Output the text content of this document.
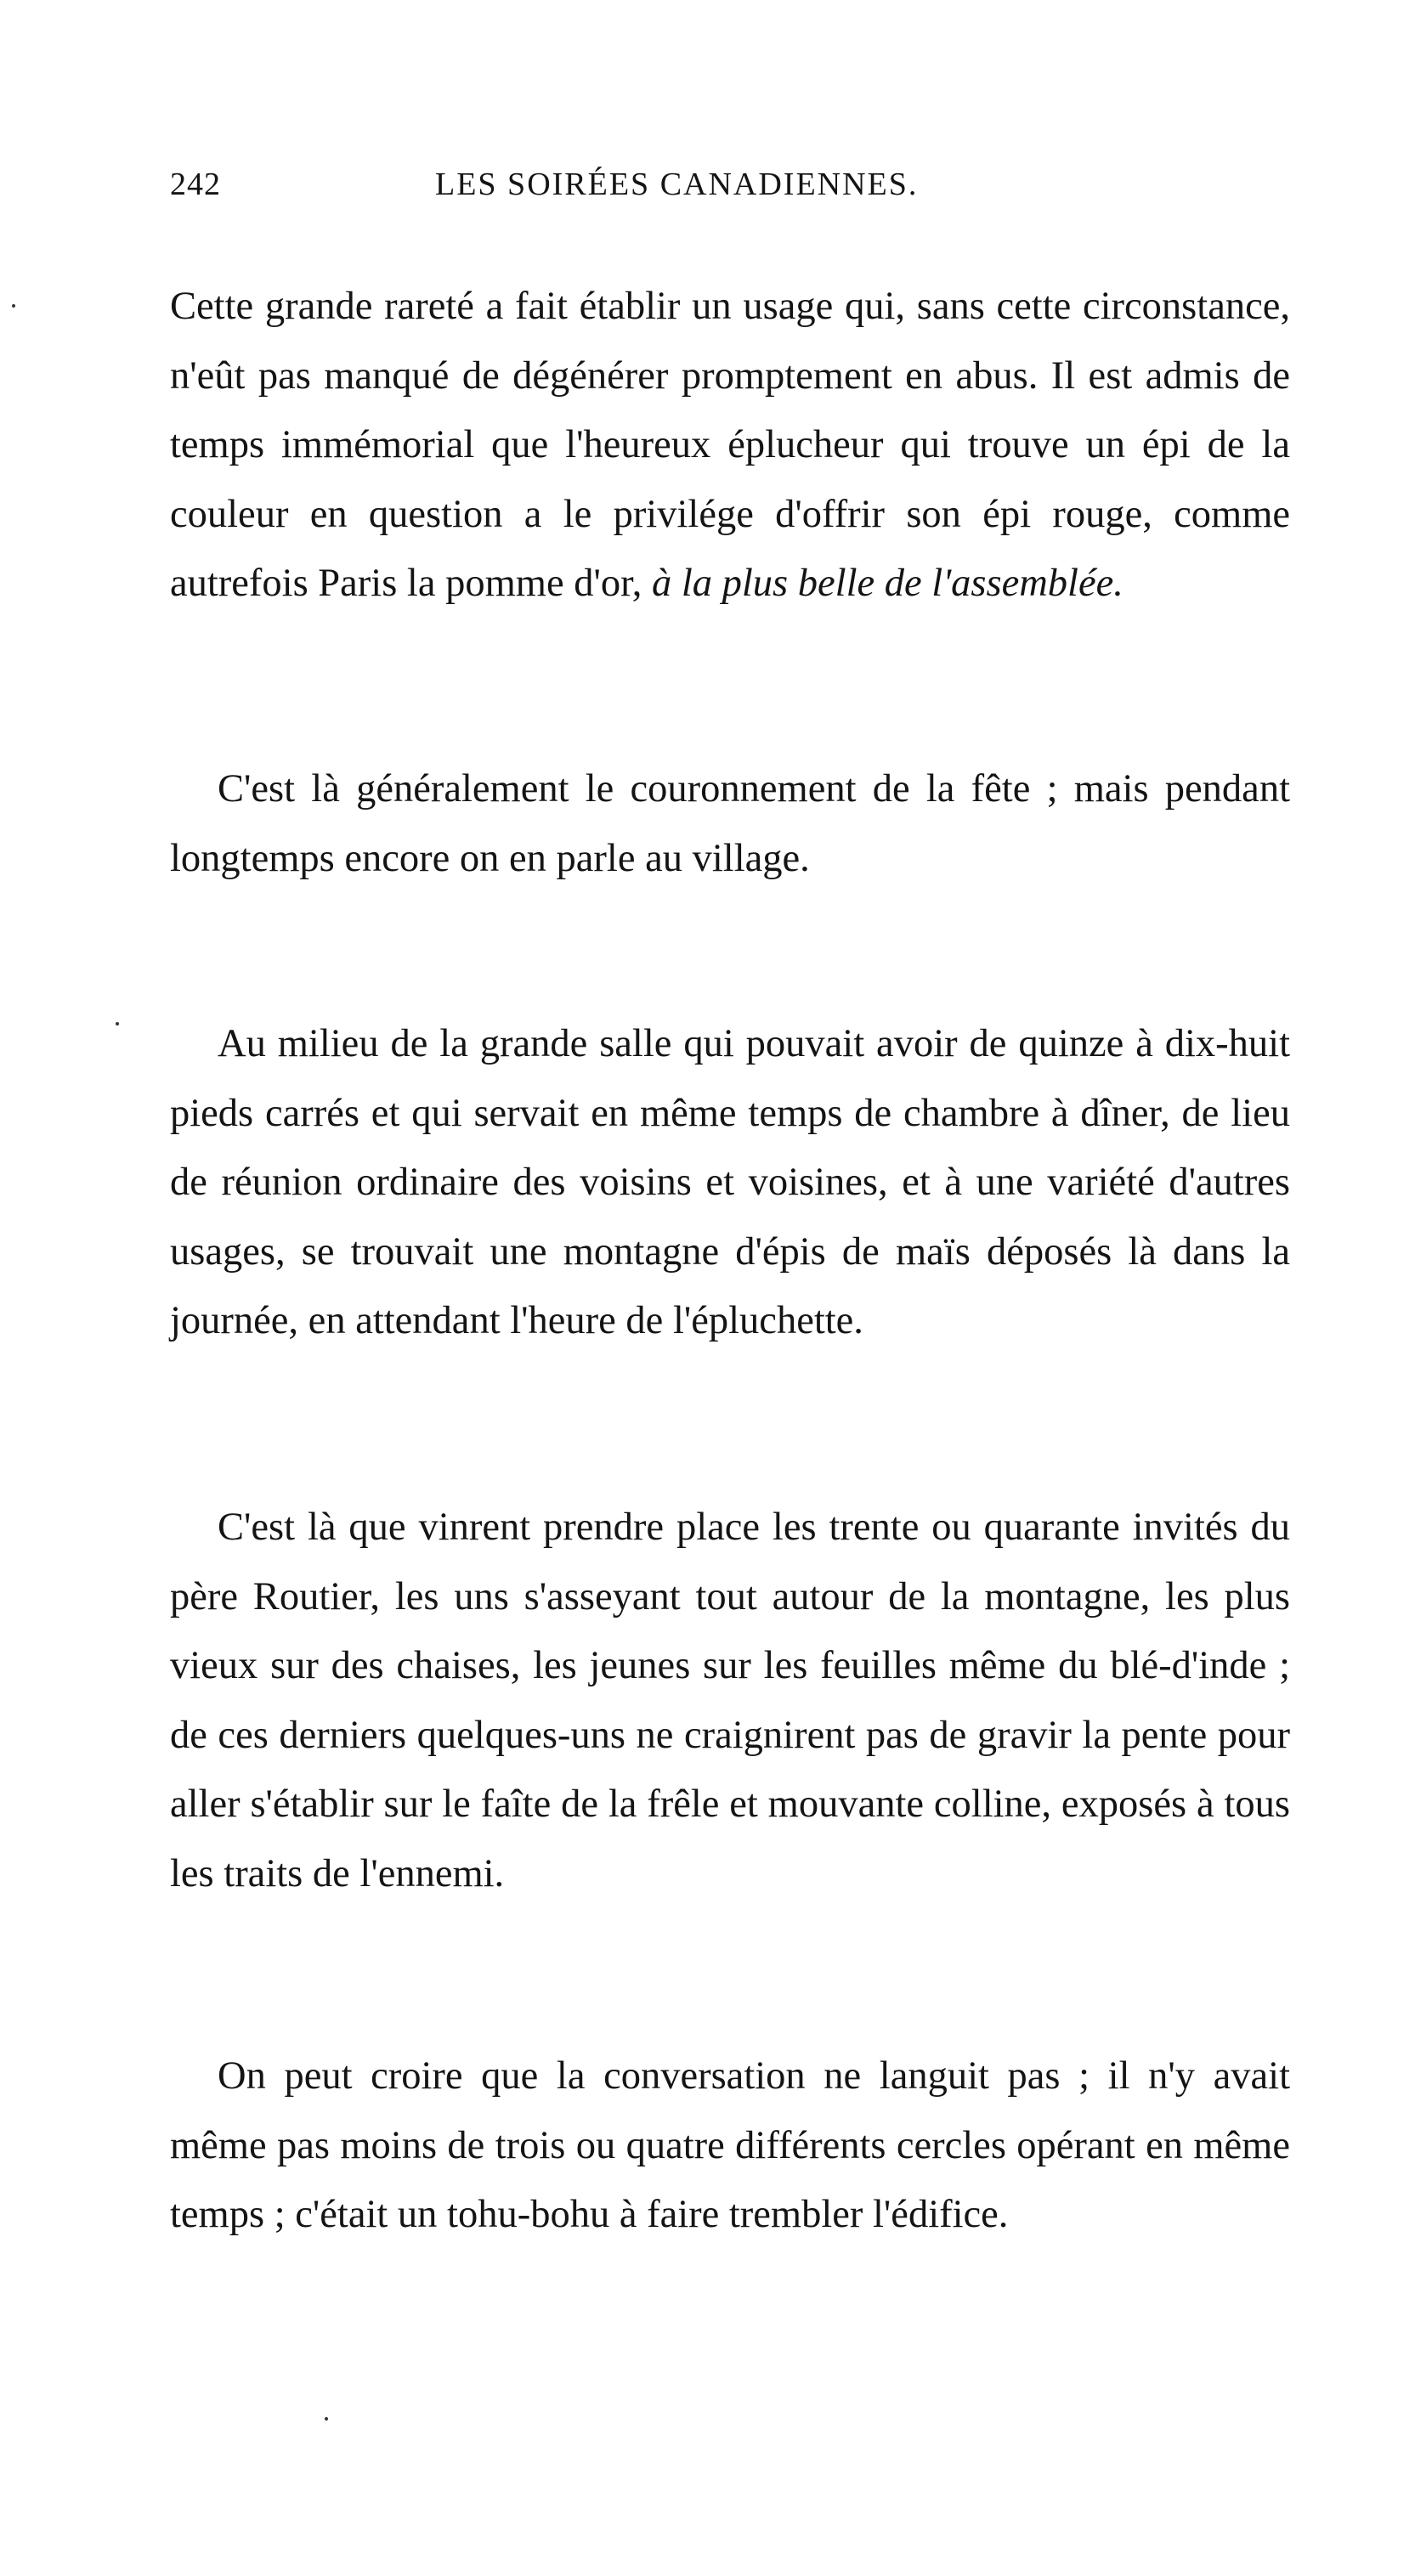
242	LES SOIRÉES CANADIENNES.

Cette grande rareté a fait établir un usage qui, sans cette circonstance, n'eût pas manqué de dégénérer promptement en abus. Il est admis de temps immémorial que l'heureux éplucheur qui trouve un épi de la couleur en question a le privilége d'offrir son épi rouge, comme autrefois Paris la pomme d'or, à la plus belle de l'assemblée.

C'est là généralement le couronnement de la fête ; mais pendant longtemps encore on en parle au village.

Au milieu de la grande salle qui pouvait avoir de quinze à dix-huit pieds carrés et qui servait en même temps de chambre à dîner, de lieu de réunion ordinaire des voisins et voisines, et à une variété d'autres usages, se trouvait une montagne d'épis de maïs déposés là dans la journée, en attendant l'heure de l'épluchette.

C'est là que vinrent prendre place les trente ou quarante invités du père Routier, les uns s'asseyant tout autour de la montagne, les plus vieux sur des chaises, les jeunes sur les feuilles même du blé-d'inde ; de ces derniers quelques-uns ne craignirent pas de gravir la pente pour aller s'établir sur le faîte de la frêle et mouvante colline, exposés à tous les traits de l'ennemi.

On peut croire que la conversation ne languit pas ; il n'y avait même pas moins de trois ou quatre différents cercles opérant en même temps ; c'était un tohu-bohu à faire trembler l'édifice.
